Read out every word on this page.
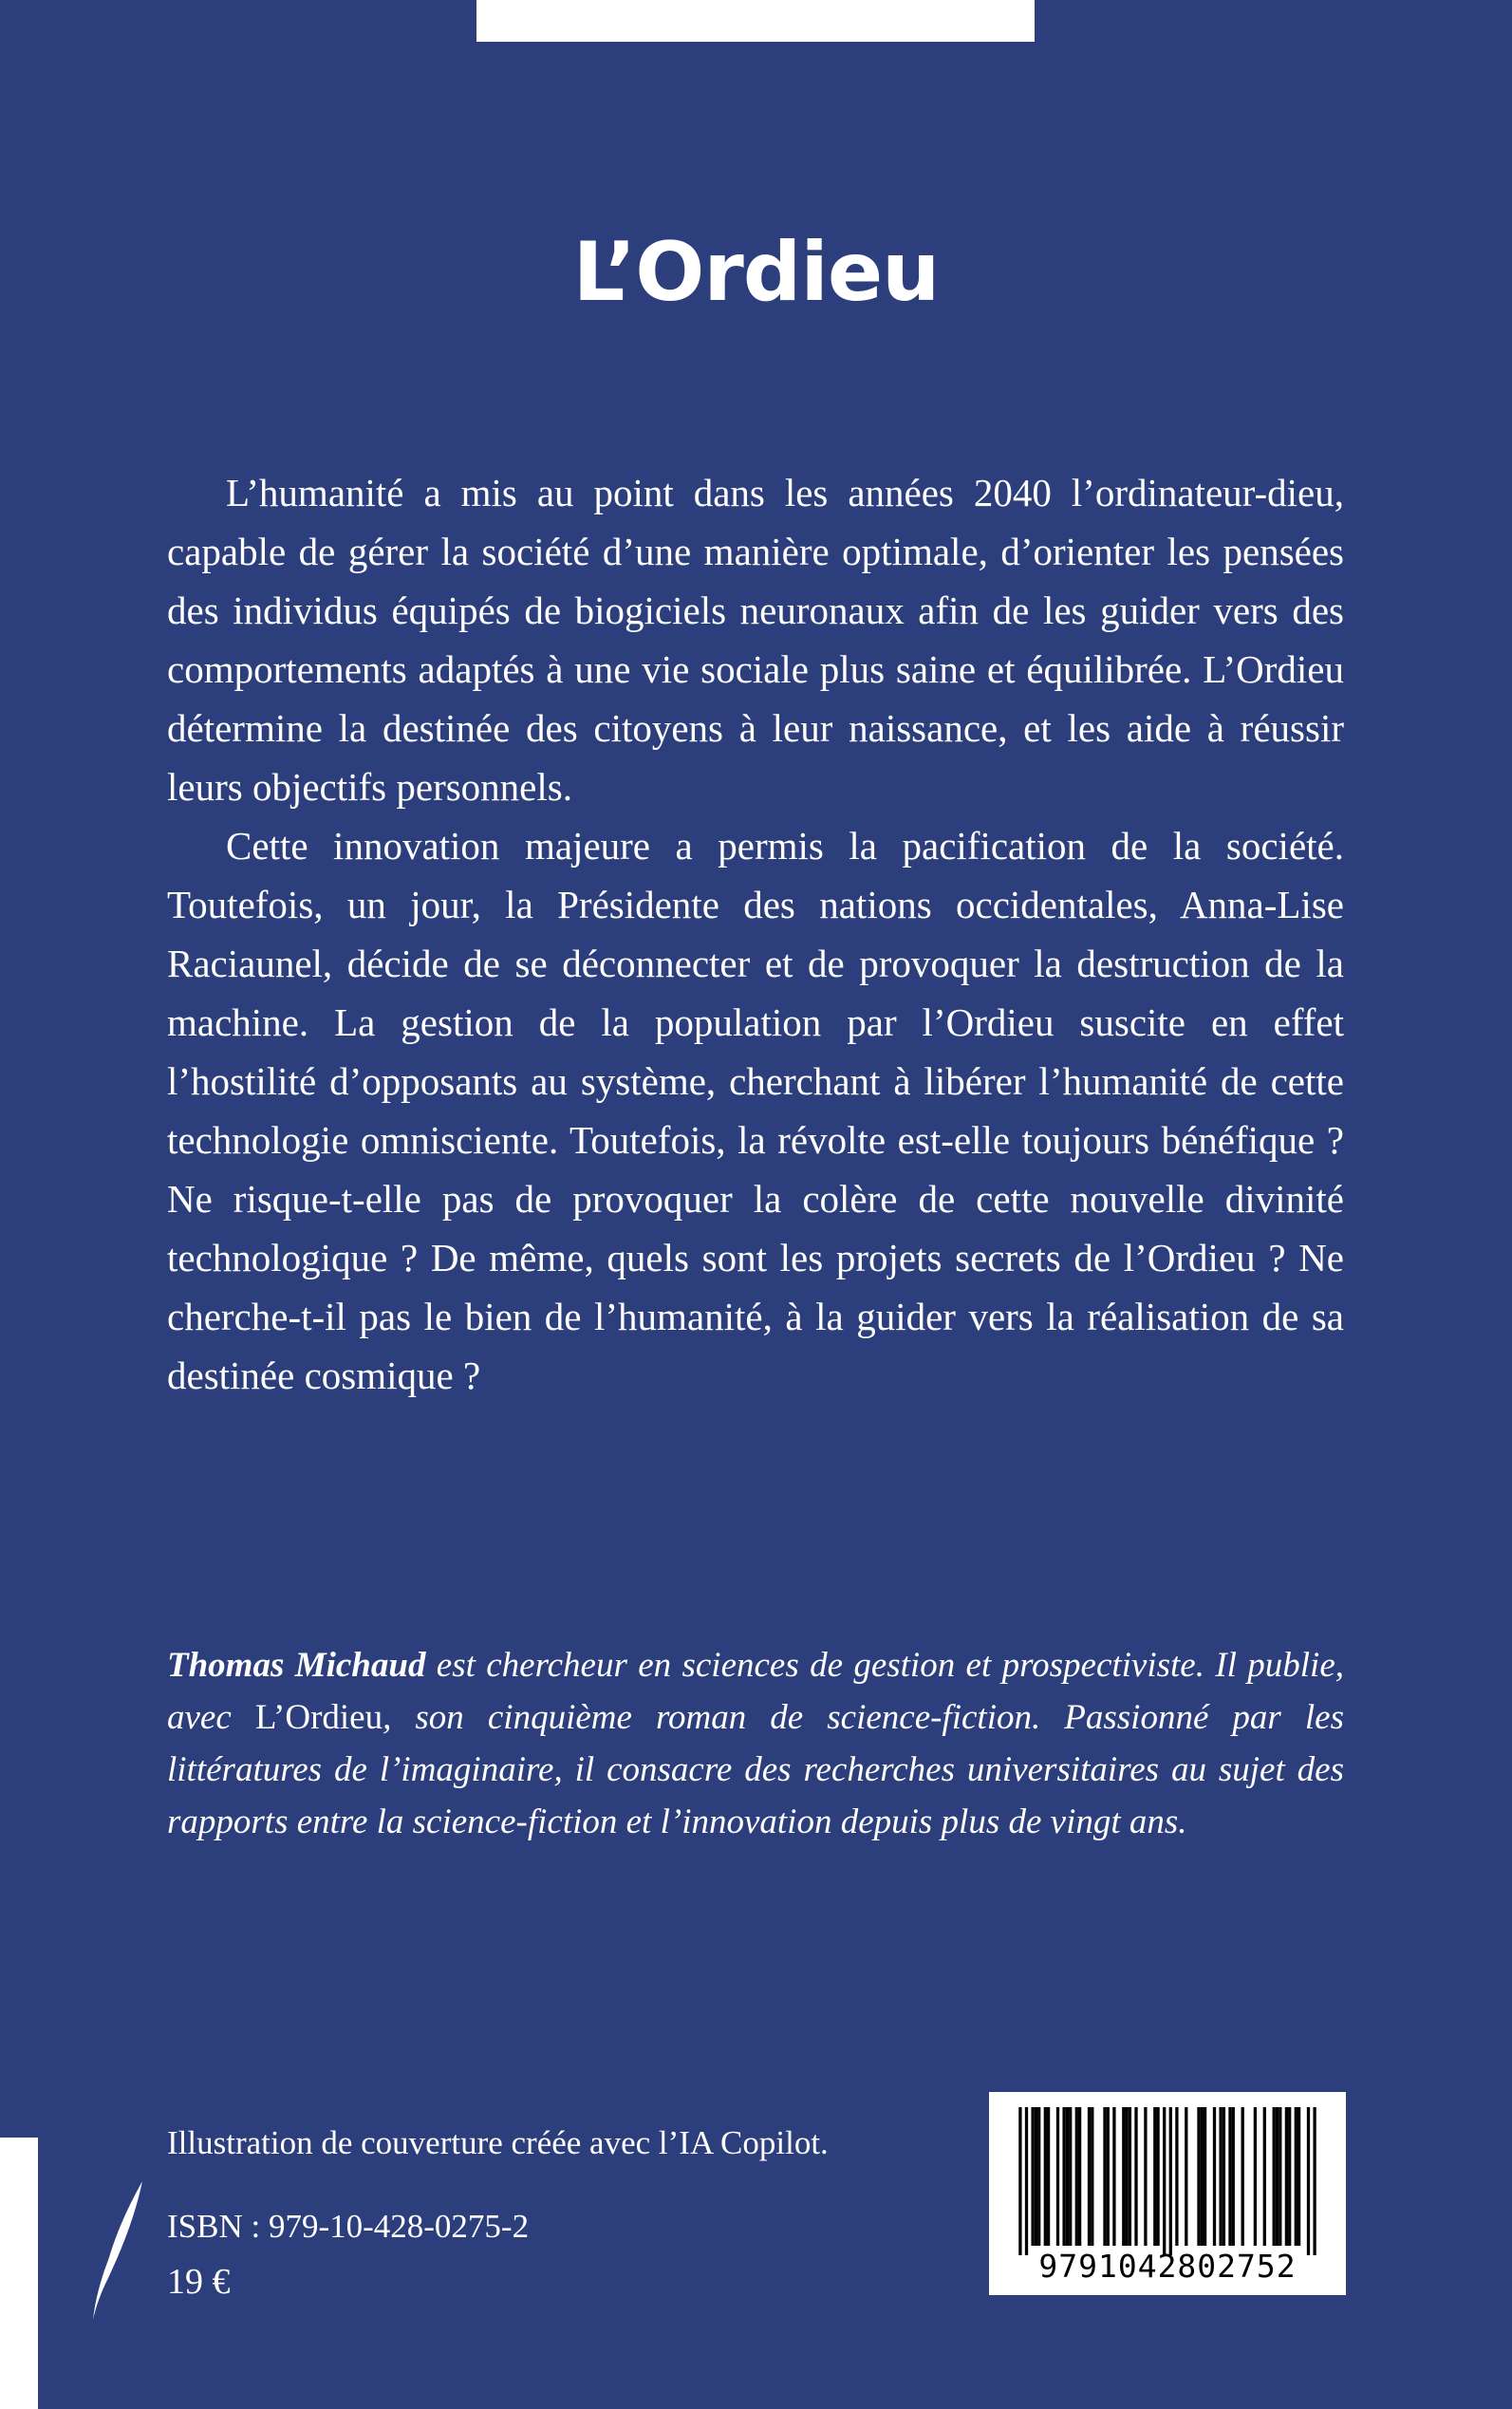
L’Ordieu

L’humanité a mis au point dans les années 2040 l’ordinateur-dieu, capable de gérer la société d’une manière optimale, d’orienter les pensées des individus équipés de biogiciels neuronaux afin de les guider vers des comportements adaptés à une vie sociale plus saine et équilibrée. L’Ordieu détermine la destinée des citoyens à leur naissance, et les aide à réussir leurs objectifs personnels.

Cette innovation majeure a permis la pacification de la société. Toutefois, un jour, la Présidente des nations occidentales, Anna-Lise Raciaunel, décide de se déconnecter et de provoquer la destruction de la machine. La gestion de la population par l’Ordieu suscite en effet l’hostilité d’opposants au système, cherchant à libérer l’humanité de cette technologie omnisciente. Toutefois, la révolte est-elle toujours bénéfique ? Ne risque-t-elle pas de provoquer la colère de cette nouvelle divinité technologique ? De même, quels sont les projets secrets de l’Ordieu ? Ne cherche-t-il pas le bien de l’humanité, à la guider vers la réalisation de sa destinée cosmique ?

Thomas Michaud est chercheur en sciences de gestion et prospectiviste. Il publie, avec L’Ordieu, son cinquième roman de science-fiction. Passionné par les littératures de l’imaginaire, il consacre des recherches universitaires au sujet des rapports entre la science-fiction et l’innovation depuis plus de vingt ans.

Illustration de couverture créée avec l’IA Copilot.
ISBN : 979-10-428-0275-2
19 €	9791042802752
